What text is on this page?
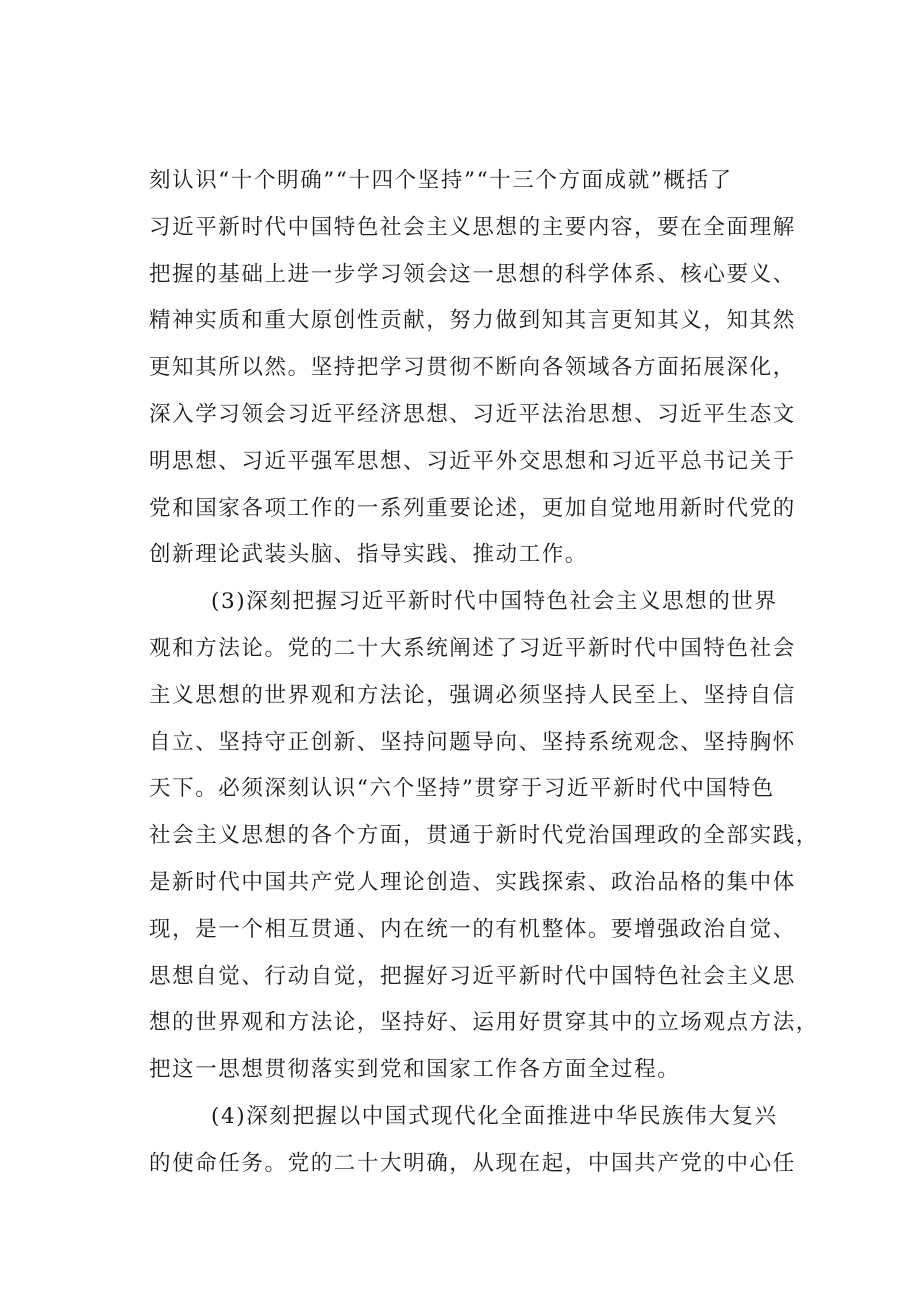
刻认识“十个明确”“十四个坚持”“十三个方面成就”概括了
习近平新时代中国特色社会主义思想的主要内容，要在全面理解
把握的基础上进一步学习领会这一思想的科学体系、核心要义、
精神实质和重大原创性贡献，努力做到知其言更知其义，知其然
更知其所以然。坚持把学习贯彻不断向各领域各方面拓展深化，
深入学习领会习近平经济思想、习近平法治思想、习近平生态文
明思想、习近平强军思想、习近平外交思想和习近平总书记关于
党和国家各项工作的一系列重要论述，更加自觉地用新时代党的
创新理论武装头脑、指导实践、推动工作。
(3)深刻把握习近平新时代中国特色社会主义思想的世界
观和方法论。党的二十大系统阐述了习近平新时代中国特色社会
主义思想的世界观和方法论，强调必须坚持人民至上、坚持自信
自立、坚持守正创新、坚持问题导向、坚持系统观念、坚持胸怀
天下。必须深刻认识“六个坚持”贯穿于习近平新时代中国特色
社会主义思想的各个方面，贯通于新时代党治国理政的全部实践，
是新时代中国共产党人理论创造、实践探索、政治品格的集中体
现，是一个相互贯通、内在统一的有机整体。要增强政治自觉、
思想自觉、行动自觉，把握好习近平新时代中国特色社会主义思
想的世界观和方法论，坚持好、运用好贯穿其中的立场观点方法，
把这一思想贯彻落实到党和国家工作各方面全过程。
(4)深刻把握以中国式现代化全面推进中华民族伟大复兴
的使命任务。党的二十大明确，从现在起，中国共产党的中心任
